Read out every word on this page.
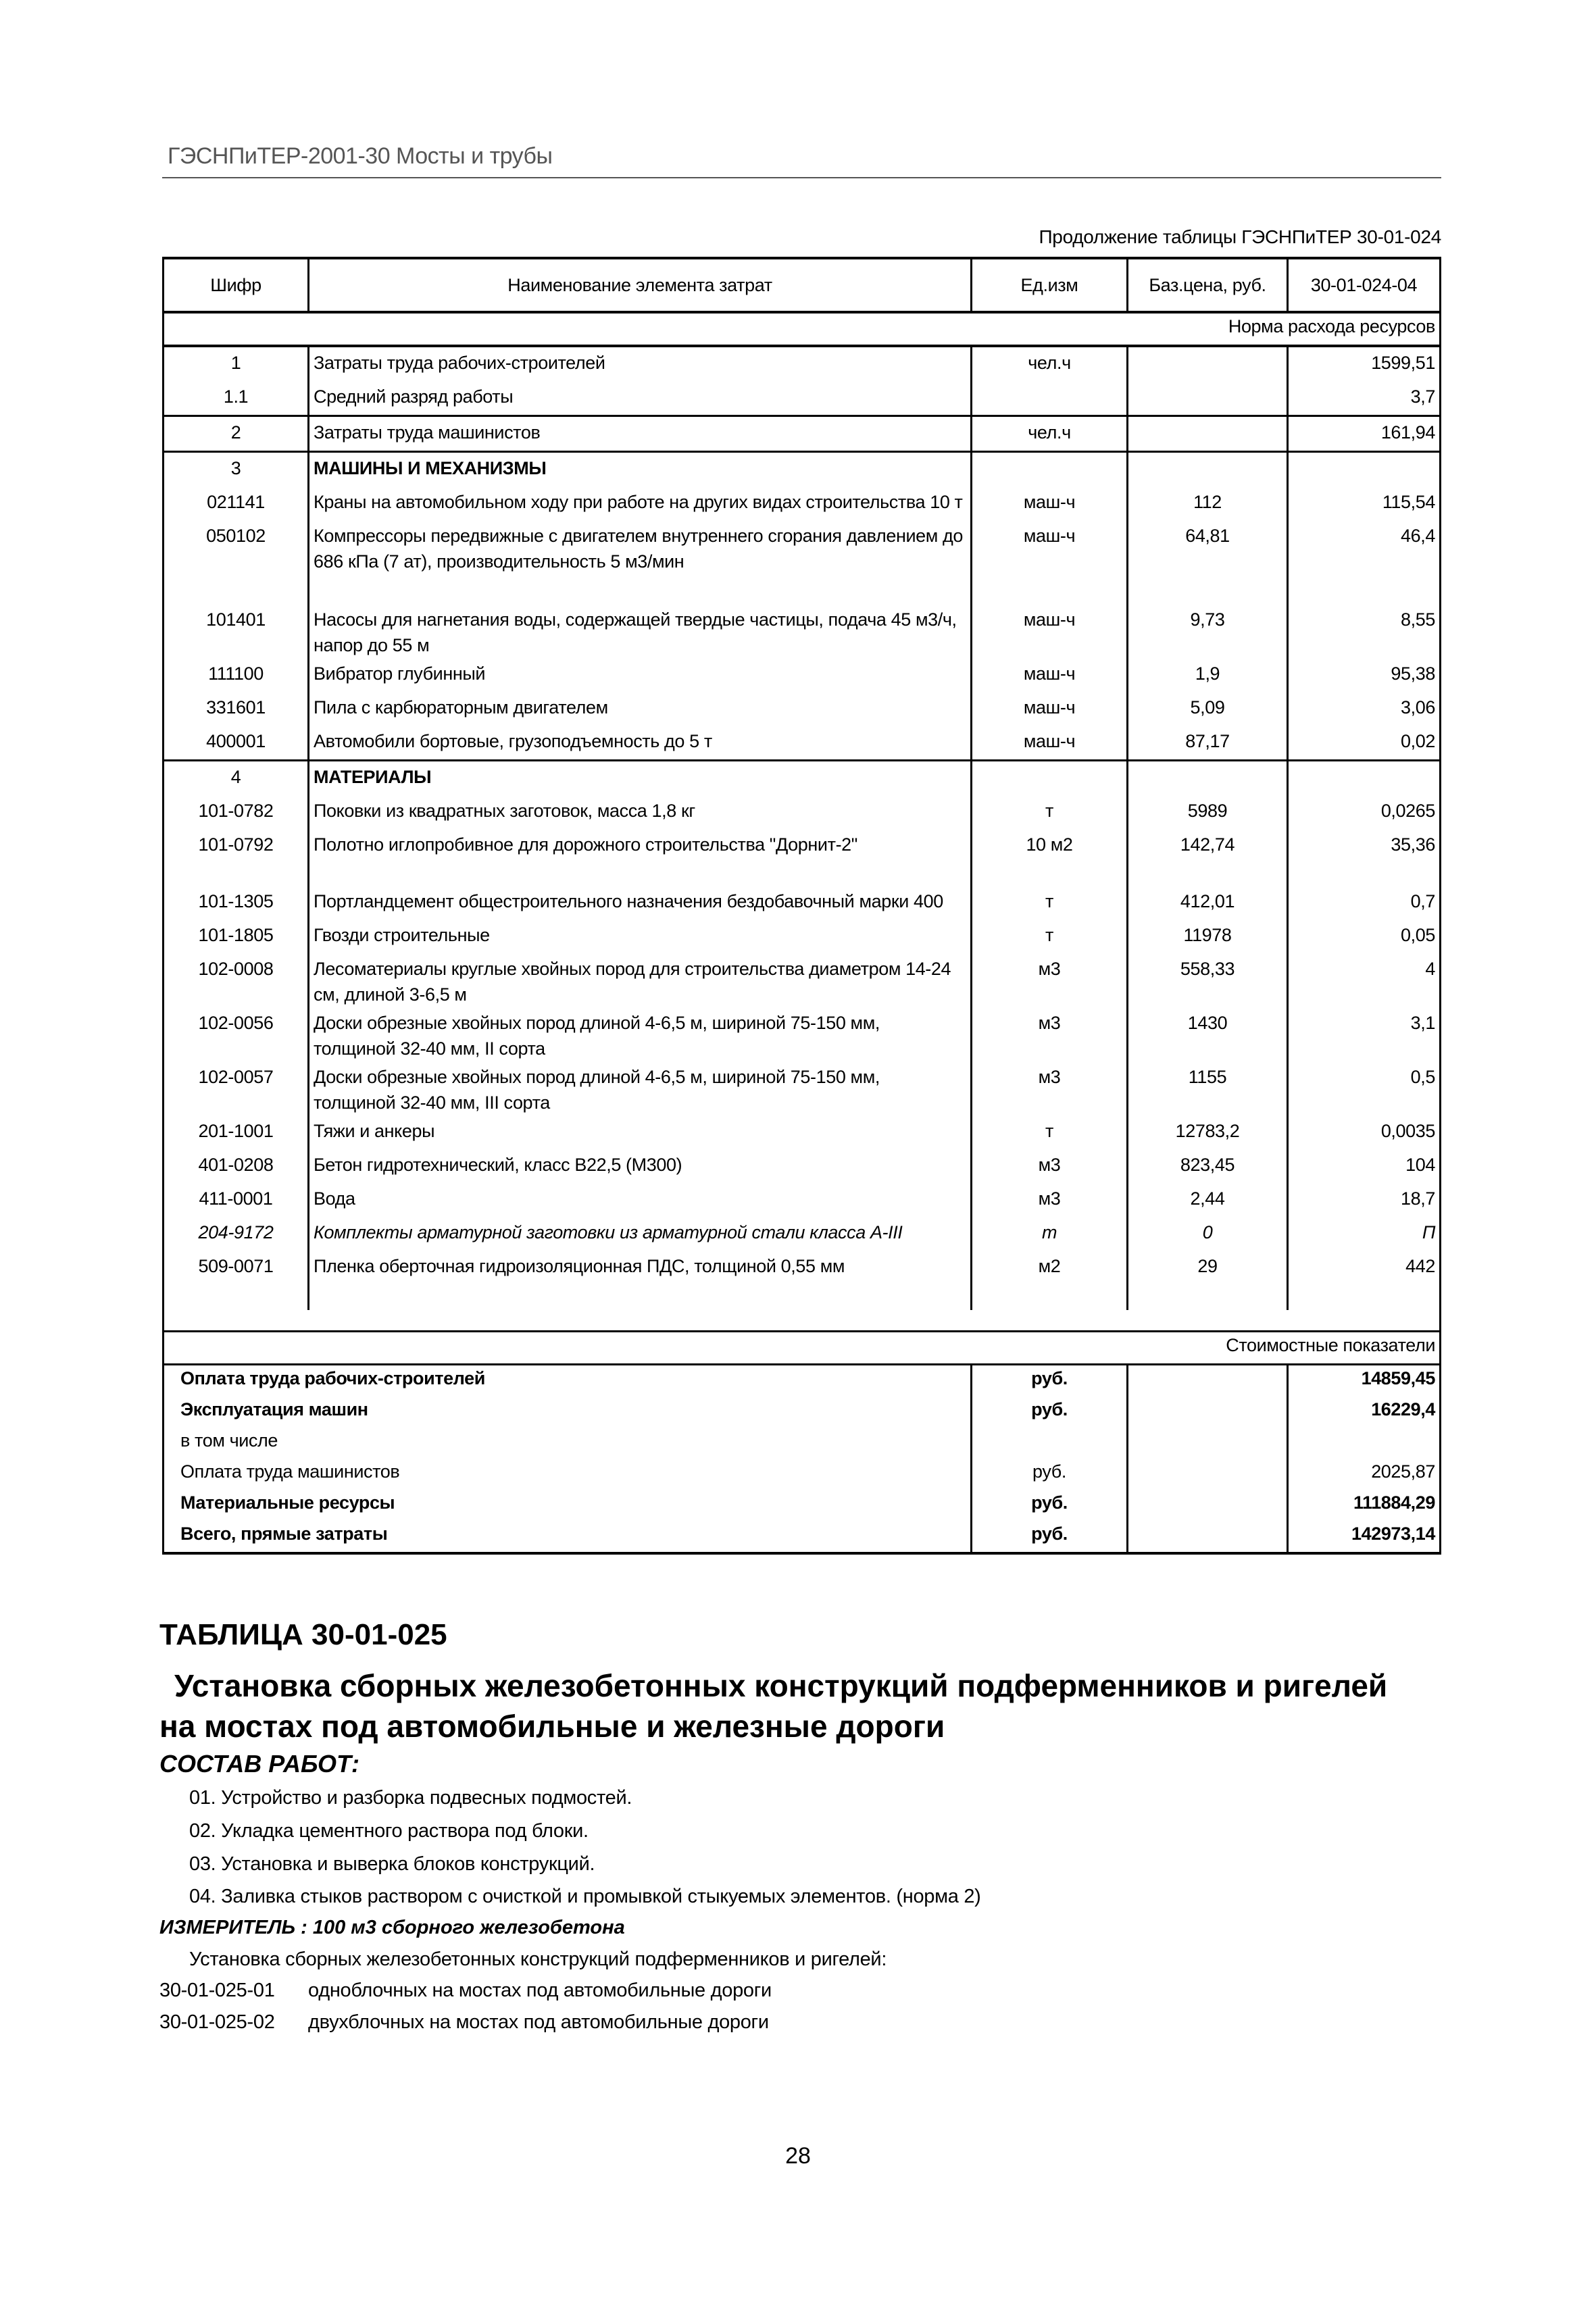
ГЭСНПиТЕР-2001-30 Мосты и трубы
Продолжение таблицы ГЭСНПиТЕР 30-01-024
Шифр	Наименование элемента затрат	Ед.изм	Баз.цена, руб.	30-01-024-04
Норма расхода ресурсов				
1	Затраты труда рабочих-строителей	чел.ч		1599,51
1.1	Средний разряд работы			3,7
2	Затраты труда машинистов	чел.ч		161,94
3	МАШИНЫ И МЕХАНИЗМЫ			
021141	Краны на автомобильном ходу при работе на других видах строительства 10 т	маш-ч	112	115,54
050102	Компрессоры передвижные с двигателем внутреннего сгорания давлением до 686 кПа (7 ат), производительность 5 м3/мин	маш-ч	64,81	46,4
101401	Насосы для нагнетания воды, содержащей твердые частицы, подача 45 м3/ч, напор до 55 м	маш-ч	9,73	8,55
111100	Вибратор глубинный	маш-ч	1,9	95,38
331601	Пила с карбюраторным двигателем	маш-ч	5,09	3,06
400001	Автомобили бортовые, грузоподъемность до 5 т	маш-ч	87,17	0,02
4	МАТЕРИАЛЫ			
101-0782	Поковки из квадратных заготовок, масса 1,8 кг	т	5989	0,0265
101-0792	Полотно иглопробивное для дорожного строительства "Дорнит-2"	10 м2	142,74	35,36
101-1305	Портландцемент общестроительного назначения бездобавочный марки 400	т	412,01	0,7
101-1805	Гвозди строительные	т	11978	0,05
102-0008	Лесоматериалы круглые хвойных пород для строительства диаметром 14-24 см, длиной 3-6,5 м	м3	558,33	4
102-0056	Доски обрезные хвойных пород длиной 4-6,5 м, шириной 75-150 мм, толщиной 32-40 мм, II сорта	м3	1430	3,1
102-0057	Доски обрезные хвойных пород длиной 4-6,5 м, шириной 75-150 мм, толщиной 32-40 мм, III сорта	м3	1155	0,5
201-1001	Тяжи и анкеры	т	12783,2	0,0035
401-0208	Бетон гидротехнический, класс В22,5 (М300)	м3	823,45	104
411-0001	Вода	м3	2,44	18,7
204-9172	Комплекты арматурной заготовки из арматурной стали класса А-III	т	0	П
509-0071	Пленка оберточная гидроизоляционная ПДС, толщиной 0,55 мм	м2	29	442

Стоимостные показатели				
Оплата труда рабочих-строителей		руб.		14859,45
Эксплуатация машин		руб.		16229,4
в том числе				
Оплата труда машинистов		руб.		2025,87
Материальные ресурсы		руб.		111884,29
Всего, прямые затраты		руб.		142973,14
ТАБЛИЦА 30-01-025
Установка сборных железобетонных конструкций подферменников и ригелей
на мостах под автомобильные и железные дороги
СОСТАВ РАБОТ:
01. Устройство и разборка подвесных подмостей.
02. Укладка цементного раствора под блоки.
03. Установка и выверка блоков конструкций.
04. Заливка стыков раствором с очисткой и промывкой стыкуемых элементов. (норма 2)
ИЗМЕРИТЕЛЬ : 100 м3 сборного железобетона
Установка сборных железобетонных конструкций подферменников и ригелей:
30-01-025-01 одноблочных на мостах под автомобильные дороги
30-01-025-02 двухблочных на мостах под автомобильные дороги
28
